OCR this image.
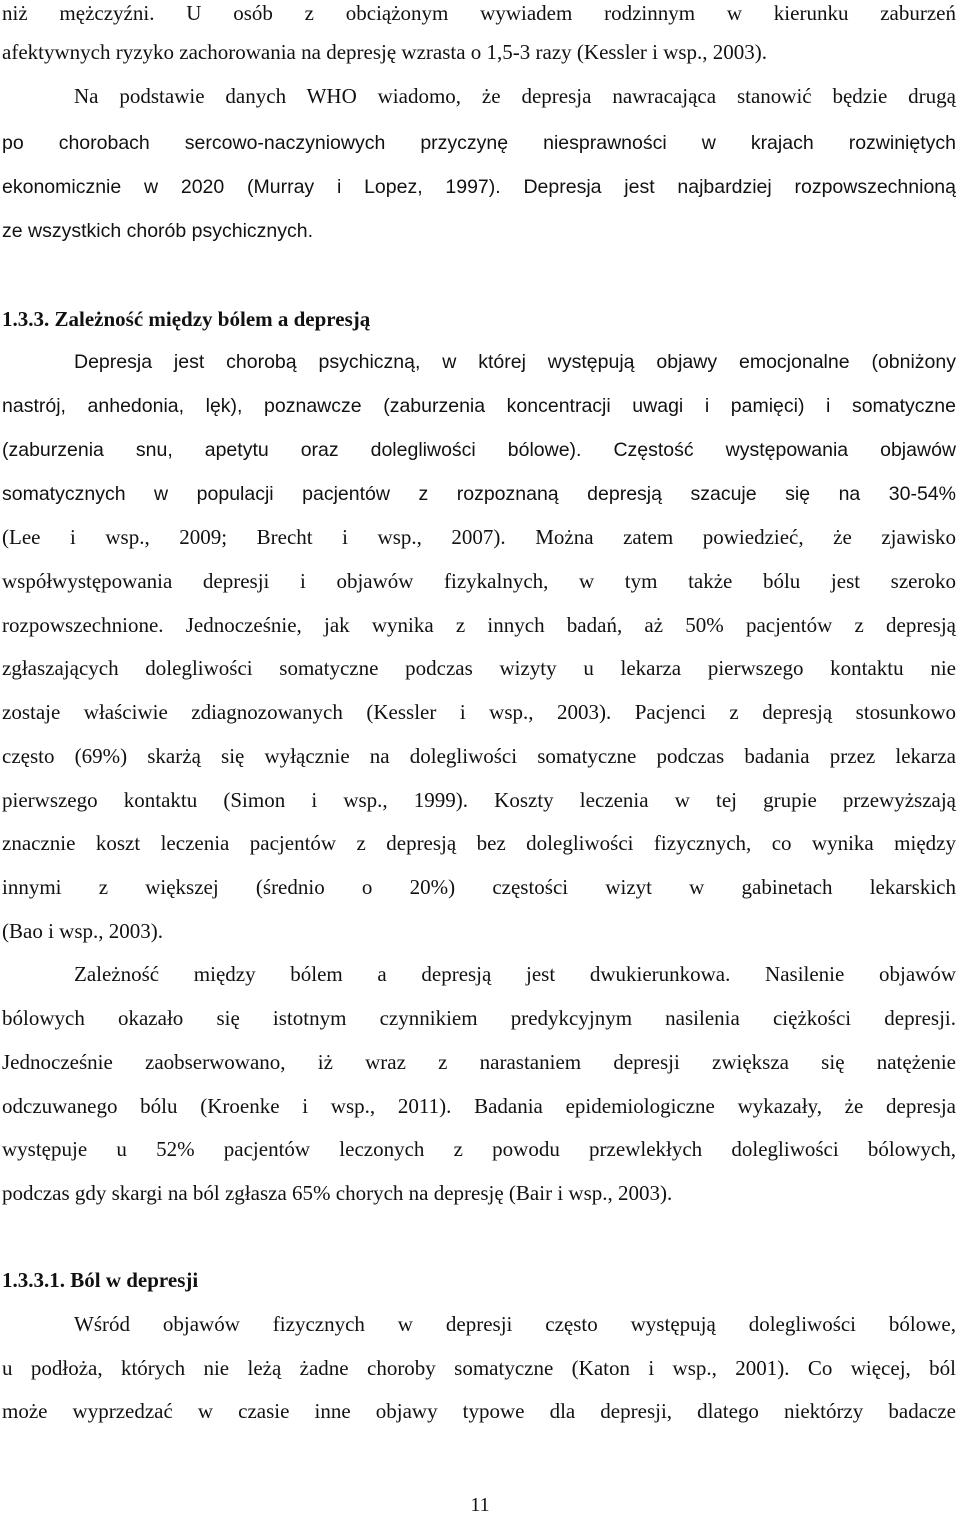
niż mężczyźni. U osób z obciążonym wywiadem rodzinnym w kierunku zaburzeń
afektywnych ryzyko zachorowania na depresję wzrasta o 1,5-3 razy (Kessler i wsp., 2003).
Na podstawie danych WHO wiadomo, że depresja nawracająca stanowić będzie drugą
po chorobach sercowo-naczyniowych przyczynę niesprawności w krajach rozwiniętych
ekonomicznie w 2020 (Murray i Lopez, 1997). Depresja jest najbardziej rozpowszechnioną
ze wszystkich chorób psychicznych.
1.3.3. Zależność między bólem a depresją
Depresja jest chorobą psychiczną, w której występują objawy emocjonalne (obniżony
nastrój, anhedonia, lęk), poznawcze (zaburzenia koncentracji uwagi i pamięci) i somatyczne
(zaburzenia snu, apetytu oraz dolegliwości bólowe). Częstość występowania objawów
somatycznych w populacji pacjentów z rozpoznaną depresją szacuje się na 30-54%
(Lee i wsp., 2009; Brecht i wsp., 2007). Można zatem powiedzieć, że zjawisko
współwystępowania depresji i objawów fizykalnych, w tym także bólu jest szeroko
rozpowszechnione. Jednocześnie, jak wynika z innych badań, aż 50% pacjentów z depresją
zgłaszających dolegliwości somatyczne podczas wizyty u lekarza pierwszego kontaktu nie
zostaje właściwie zdiagnozowanych (Kessler i wsp., 2003). Pacjenci z depresją stosunkowo
często (69%) skarżą się wyłącznie na dolegliwości somatyczne podczas badania przez lekarza
pierwszego kontaktu (Simon i wsp., 1999). Koszty leczenia w tej grupie przewyższają
znacznie koszt leczenia pacjentów z depresją bez dolegliwości fizycznych, co wynika między
innymi z większej (średnio o 20%) częstości wizyt w gabinetach lekarskich
(Bao i wsp., 2003).
Zależność między bólem a depresją jest dwukierunkowa. Nasilenie objawów
bólowych okazało się istotnym czynnikiem predykcyjnym nasilenia ciężkości depresji.
Jednocześnie zaobserwowano, iż wraz z narastaniem depresji zwiększa się natężenie
odczuwanego bólu (Kroenke i wsp., 2011). Badania epidemiologiczne wykazały, że depresja
występuje u 52% pacjentów leczonych z powodu przewlekłych dolegliwości bólowych,
podczas gdy skargi na ból zgłasza 65% chorych na depresję (Bair i wsp., 2003).
1.3.3.1. Ból w depresji
Wśród objawów fizycznych w depresji często występują dolegliwości bólowe,
u podłoża, których nie leżą żadne choroby somatyczne (Katon i wsp., 2001). Co więcej, ból
może wyprzedzać w czasie inne objawy typowe dla depresji, dlatego niektórzy badacze
11
